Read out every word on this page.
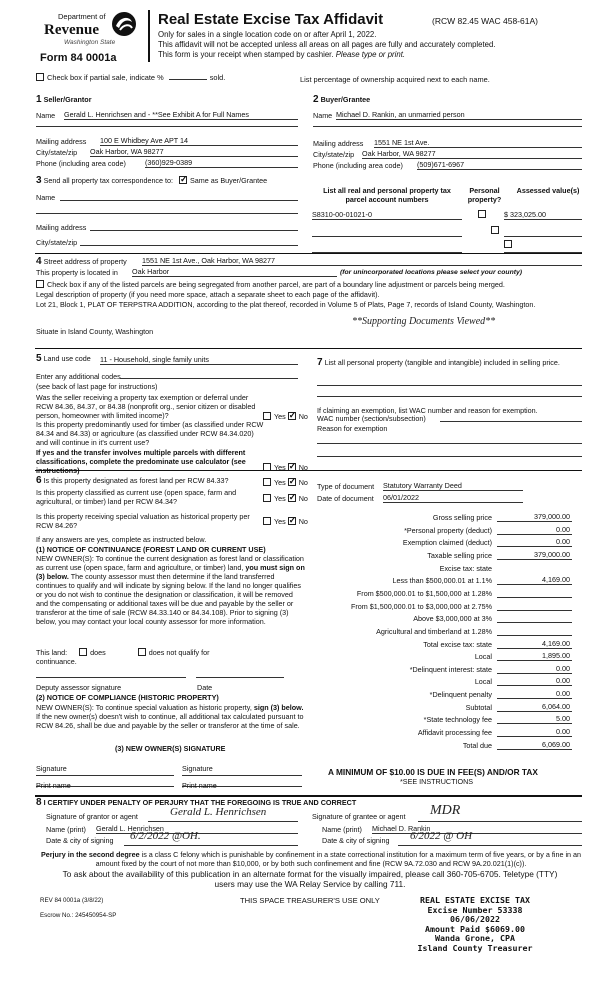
Department of
Revenue
Washington State
Form 84 0001a
Real Estate Excise Tax Affidavit	(RCW 82.45 WAC 458-61A)
Only for sales in a single location code on or after April 1, 2022.
This affidavit will not be accepted unless all areas on all pages are fully and accurately completed.
This form is your receipt when stamped by cashier. Please type or print.
Check box if partial sale, indicate %	sold.	List percentage of ownership acquired next to each name.
1 Seller/Grantor
Name Gerald L. Henrichsen and - **See Exhibit A for Full Names
Mailing address 100 E Whidbey Ave APT 14
City/state/zip Oak Harbor, WA 98277
Phone (including area code)	(360)929-0389
2 Buyer/Grantee
Name Michael D. Rankin, an unmarried person
Mailing address 1551 NE 1st Ave.
City/state/zip Oak Harbor, WA 98277
Phone (including area code) (509)671-6967
3 Send all property tax correspondence to: ✓ Same as Buyer/Grantee
Name
Mailing address
City/state/zip
List all real and personal property tax parcel account numbers
Personal property?
Assessed value(s)
S8310-00-01021-0
	$ 323,025.00

4 Street address of property 1551 NE 1st Ave., Oak Harbor, WA 98277
This property is located in Oak Harbor	(for unincorporated locations please select your county)
Check box if any of the listed parcels are being segregated from another parcel, are part of a boundary line adjustment or parcels being merged.
Legal description of property (if you need more space, attach a separate sheet to each page of the affidavit).
Lot 21, Block 1, PLAT OF TERPSTRA ADDITION, according to the plat thereof, recorded in Volume 5 of Plats, Page 7, records of Island County, Washington.
**Supporting Documents Viewed**
Situate in Island County, Washington
5 Land use code 11 - Household, single family units
Enter any additional codes
(see back of last page for instructions)
Was the seller receiving a property tax exemption or deferral under RCW 84.36, 84.37, or 84.38 (nonprofit org., senior citizen or disabled person, homeowner with limited income)?	Yes ✓ No
Is this property predominantly used for timber (as classified under RCW 84.34 and 84.33) or agriculture (as classified under RCW 84.34.020) and will continue in it's current use?
If yes and the transfer involves multiple parcels with different classifications, complete the predominate use calculator (see instructions)	Yes ✓ No
7 List all personal property (tangible and intangible) included in selling price.
If claiming an exemption, list WAC number and reason for exemption.
WAC number (section/subsection)
Reason for exemption
6 Is this property designated as forest land per RCW 84.33?	Yes ✓ No
Is this property classified as current use (open space, farm and agricultural, or timber) land per RCW 84.34?	Yes ✓ No
Is this property receiving special valuation as historical property per RCW 84.26?	Yes ✓ No
If any answers are yes, complete as instructed below.
(1) NOTICE OF CONTINUANCE (FOREST LAND OR CURRENT USE)
NEW OWNER(S): To continue the current designation as forest land or classification as current use (open space, farm and agriculture, or timber) land, you must sign on (3) below. The county assessor must then determine if the land transferred continues to qualify and will indicate by signing below. If the land no longer qualifies or you do not wish to continue the designation or classification, it will be removed and the compensating or additional taxes will be due and payable by the seller or transferor at the time of sale (RCW 84.33.140 or 84.34.108). Prior to signing (3) below, you may contact your local county assessor for more information.
This land:	does	does not qualify for
continuance.
Deputy assessor signature	Date
(2) NOTICE OF COMPLIANCE (HISTORIC PROPERTY)
NEW OWNER(S): To continue special valuation as historic property, sign (3) below. If the new owner(s) doesn't wish to continue, all additional tax calculated pursuant to RCW 84.26, shall be due and payable by the seller or transferor at the time of sale.
(3) NEW OWNER(S) SIGNATURE
Signature	Signature
Print name	Print name
Type of document Statutory Warranty Deed
Date of document 06/01/2022
Gross selling price	379,000.00
*Personal property (deduct)	0.00
Exemption claimed (deduct)	0.00
Taxable selling price	379,000.00
Excise tax: state
Less than $500,000.01 at 1.1%	4,169.00
From $500,000.01 to $1,500,000 at 1.28%
From $1,500,000.01 to $3,000,000 at 2.75%
Above $3,000,000 at 3%
Agricultural and timberland at 1.28%
Total excise tax: state	4,169.00
Local	1,895.00
*Delinquent interest: state	0.00
Local	0.00
*Delinquent penalty	0.00
Subtotal	6,064.00
*State technology fee	5.00
Affidavit processing fee	0.00
Total due	6,069.00
A MINIMUM OF $10.00 IS DUE IN FEE(S) AND/OR TAX
*SEE INSTRUCTIONS
8 I CERTIFY UNDER PENALTY OF PERJURY THAT THE FOREGOING IS TRUE AND CORRECT
Signature of grantor or agent	Gerald L. Henrichsen	Signature of grantee or agent MDR
Name (print) Gerald L. Henrichsen	Name (print) Michael D. Rankin
Date & city of signing 6/2/2022 @OH.	Date & city of signing 6/2022 @ OH
Perjury in the second degree is a class C felony which is punishable by confinement in a state correctional institution for a maximum term of five years, or by a fine in an amount fixed by the court of not more than $10,000, or by both such confinement and fine (RCW 9A.72.030 and RCW 9A.20.021(1)(c)).
To ask about the availability of this publication in an alternate format for the visually impaired, please call 360-705-6705. Teletype (TTY) users may use the WA Relay Service by calling 711.
REV 84 0001a (3/8/22)	THIS SPACE TREASURER'S USE ONLY
Escrow No.: 245450954-SP
REAL ESTATE EXCISE TAX
Excise Number 53338
06/06/2022
Amount Paid $6069.00
Wanda Grone, CPA
Island County Treasurer
